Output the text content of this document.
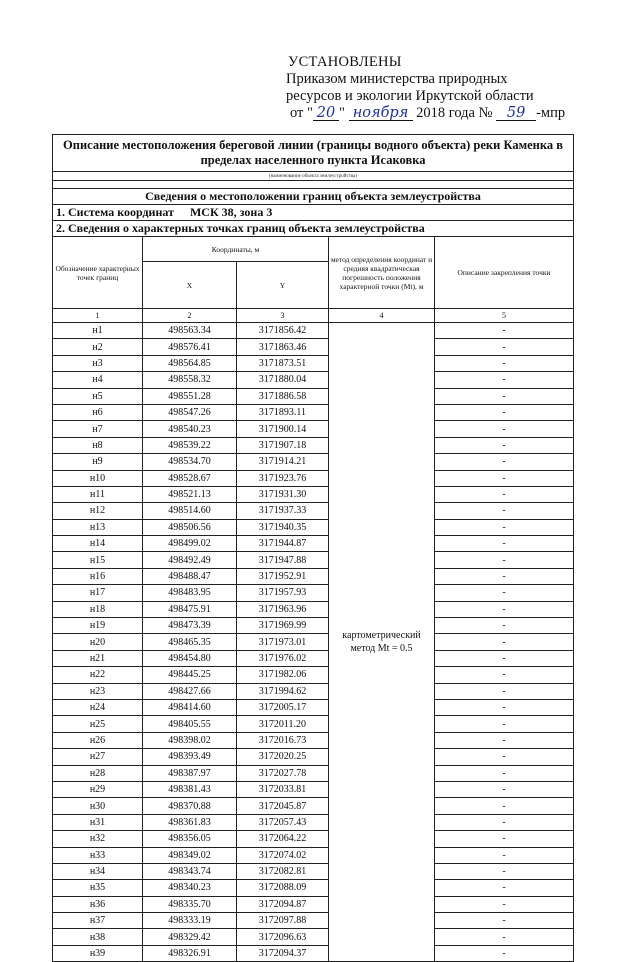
УСТАНОВЛЕНЫ
Приказом министерства природных
ресурсов и экологии Иркутской области
от " 20 " ноября 2018 года № 59 -мпр
Описание местоположения береговой линии (границы водного объекта) реки Каменка в пределах населенного пункта Исаковка				
(наименование объекта землеустройства)				

Сведения о местоположении границ объекта землеустройства				
1. Система координат МСК 38, зона 3				
2. Сведения о характерных точках границ объекта землеустройства				
Обозначение характерных точек границ	Координаты, м		метод определения координат и средняя квадратическая погрешность положения характерной точки (Mt), м	Описание закрепления точки
	X	Y		
1	2	3	4	5
н1	498563.34	3171856.42	картометрический метод Mt = 0.5	-
н2	498576.41	3171863.46		-
н3	498564.85	3171873.51		-
н4	498558.32	3171880.04		-
н5	498551.28	3171886.58		-
н6	498547.26	3171893.11		-
н7	498540.23	3171900.14		-
н8	498539.22	3171907.18		-
н9	498534.70	3171914.21		-
н10	498528.67	3171923.76		-
н11	498521.13	3171931.30		-
н12	498514.60	3171937.33		-
н13	498506.56	3171940.35		-
н14	498499.02	3171944.87		-
н15	498492.49	3171947.88		-
н16	498488.47	3171952.91		-
н17	498483.95	3171957.93		-
н18	498475.91	3171963.96		-
н19	498473.39	3171969.99		-
н20	498465.35	3171973.01		-
н21	498454.80	3171976.02		-
н22	498445.25	3171982.06		-
н23	498427.66	3171994.62		-
н24	498414.60	3172005.17		-
н25	498405.55	3172011.20		-
н26	498398.02	3172016.73		-
н27	498393.49	3172020.25		-
н28	498387.97	3172027.78		-
н29	498381.43	3172033.81		-
н30	498370.88	3172045.87		-
н31	498361.83	3172057.43		-
н32	498356.05	3172064.22		-
н33	498349.02	3172074.02		-
н34	498343.74	3172082.81		-
н35	498340.23	3172088.09		-
н36	498335.70	3172094.87		-
н37	498333.19	3172097.88		-
н38	498329.42	3172096.63		-
н39	498326.91	3172094.37		-
